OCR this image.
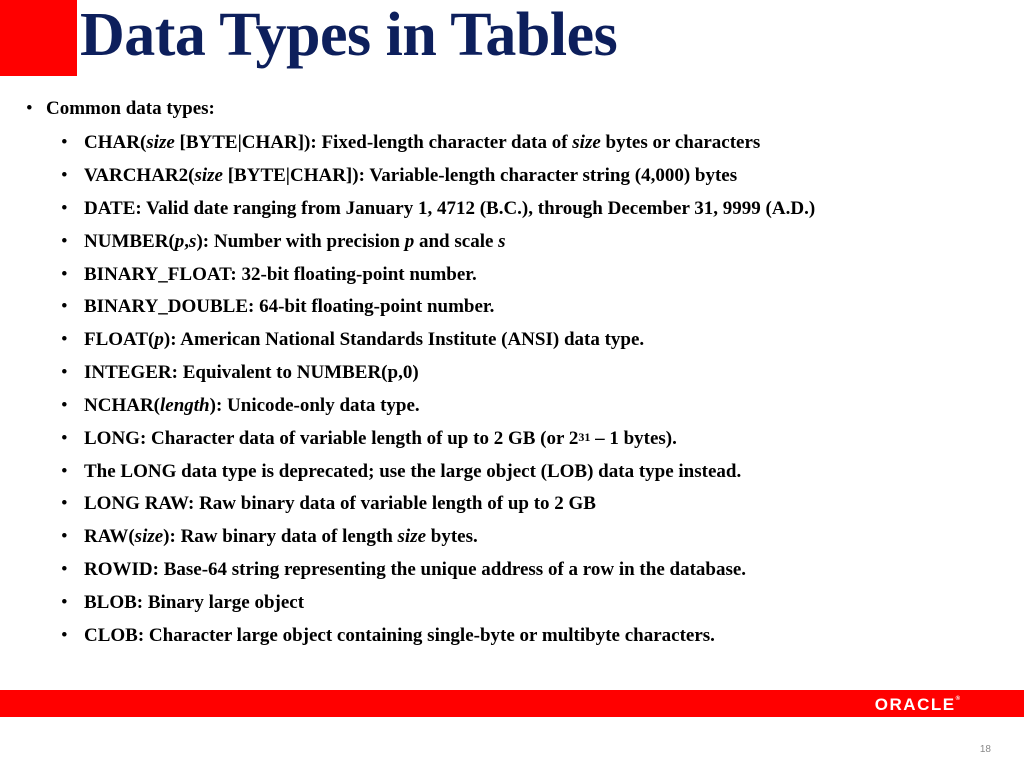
Data Types in Tables
• Common data types:
• CHAR(size [BYTE|CHAR]): Fixed-length character data of size bytes or characters
• VARCHAR2(size [BYTE|CHAR]): Variable-length character string (4,000) bytes
• DATE: Valid date ranging from January 1, 4712 (B.C.), through December 31, 9999 (A.D.)
• NUMBER(p,s): Number with precision p and scale s
• BINARY_FLOAT: 32-bit floating-point number.
• BINARY_DOUBLE: 64-bit floating-point number.
• FLOAT(p): American National Standards Institute (ANSI) data type.
• INTEGER: Equivalent to NUMBER(p,0)
• NCHAR(length): Unicode-only data type.
• LONG: Character data of variable length of up to 2 GB (or $2^{31} - 1$ bytes).
• The LONG data type is deprecated; use the large object (LOB) data type instead.
• LONG RAW: Raw binary data of variable length of up to 2 GB
• RAW(size): Raw binary data of length size bytes.
• ROWID: Base-64 string representing the unique address of a row in the database.
• BLOB: Binary large object
• CLOB: Character large object containing single-byte or multibyte characters.
ORACLE®
18
